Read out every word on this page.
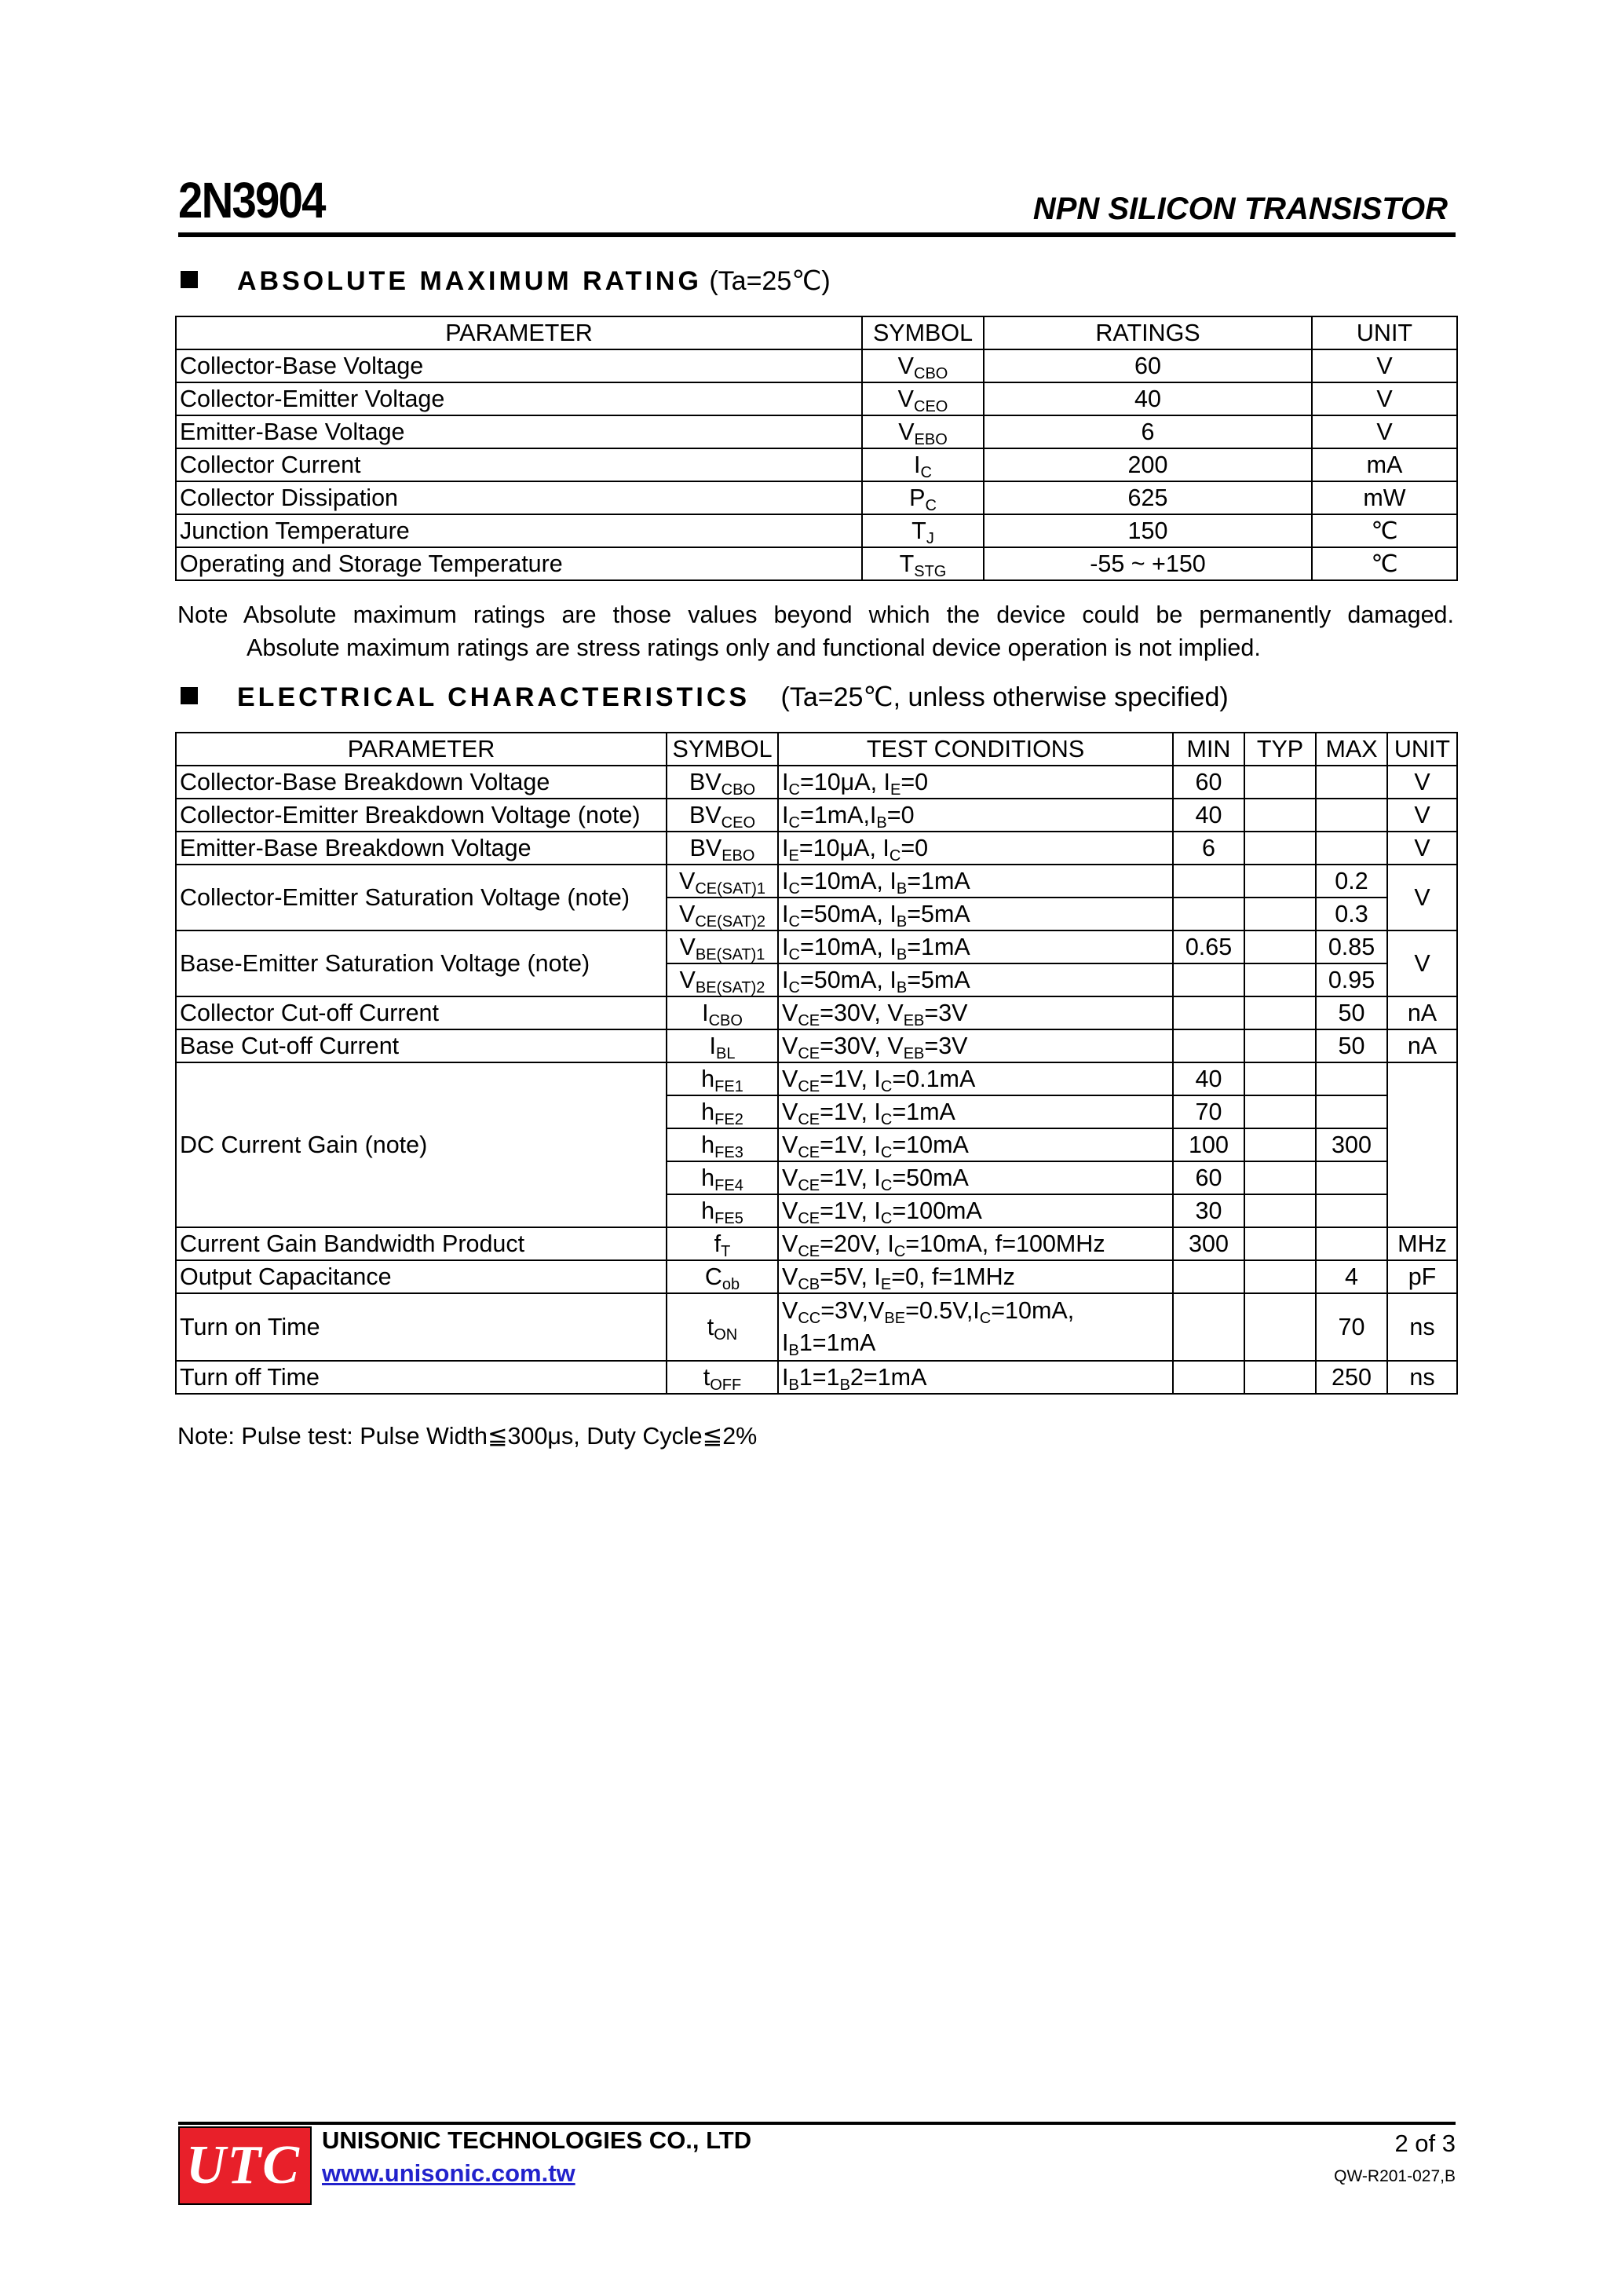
2N3904	NPN SILICON TRANSISTOR
ABSOLUTE MAXIMUM RATING (Ta=25℃)
PARAMETER	SYMBOL	RATINGS	UNIT
Collector-Base Voltage	$V_{CBO}$	60	V
Collector-Emitter Voltage	$V_{CEO}$	40	V
Emitter-Base Voltage	$V_{EBO}$	6	V
Collector Current	$I_C$	200	mA
Collector Dissipation	$P_C$	625	mW
Junction Temperature	$T_J$	150	℃
Operating and Storage Temperature	$T_{STG}$	-55 ~ +150	℃
Note Absolute maximum ratings are those values beyond which the device could be permanently damaged.
Absolute maximum ratings are stress ratings only and functional device operation is not implied.
ELECTRICAL CHARACTERISTICS (Ta=25℃, unless otherwise specified)
PARAMETER	SYMBOL	TEST CONDITIONS	MIN	TYP	MAX	UNIT
Collector-Base Breakdown Voltage	$BV_{CBO}$	$I_C=10\mu A$, $I_E=0$	60			V
Collector-Emitter Breakdown Voltage (note)	$BV_{CEO}$	$I_C=1mA,I_B=0$	40			V
Emitter-Base Breakdown Voltage	$BV_{EBO}$	$I_E=10\mu A$, $I_C=0$	6			V
Collector-Emitter Saturation Voltage (note)	$V_{CE(SAT)1}$	$I_C=10mA$, $I_B=1mA$			0.2	V
	$V_{CE(SAT)2}$	$I_C=50mA$, $I_B=5mA$			0.3	
Base-Emitter Saturation Voltage (note)	$V_{BE(SAT)1}$	$I_C=10mA$, $I_B=1mA$	0.65		0.85	V
	$V_{BE(SAT)2}$	$I_C=50mA$, $I_B=5mA$			0.95	
Collector Cut-off Current	$I_{CBO}$	$V_{CE}=30V$, $V_{EB}=3V$			50	nA
Base Cut-off Current	$I_{BL}$	$V_{CE}=30V$, $V_{EB}=3V$			50	nA
DC Current Gain (note)	$h_{FE1}$	$V_{CE}=1V$, $I_C=0.1mA$	40			
	$h_{FE2}$	$V_{CE}=1V$, $I_C=1mA$	70			
	$h_{FE3}$	$V_{CE}=1V$, $I_C=10mA$	100		300	
	$h_{FE4}$	$V_{CE}=1V$, $I_C=50mA$	60			
	$h_{FE5}$	$V_{CE}=1V$, $I_C=100mA$	30			
Current Gain Bandwidth Product	$f_T$	$V_{CE}=20V$, $I_C=10mA$, f=100MHz	300			MHz
Output Capacitance	$C_{ob}$	$V_{CB}=5V$, $I_E=0$, f=1MHz			4	pF
Turn on Time	$t_{ON}$	$V_{CC}=3V,V_{BE}=0.5V,I_C=10mA$,
$I_B1=1mA$			70	ns
Turn off Time	$t_{OFF}$	$I_B1=1_B2=1mA$			250	ns
Note: Pulse test: Pulse Width≦300μs, Duty Cycle≦2%
UTC UNISONIC TECHNOLOGIES CO., LTD
www.unisonic.com.tw
2 of 3
QW-R201-027,B
